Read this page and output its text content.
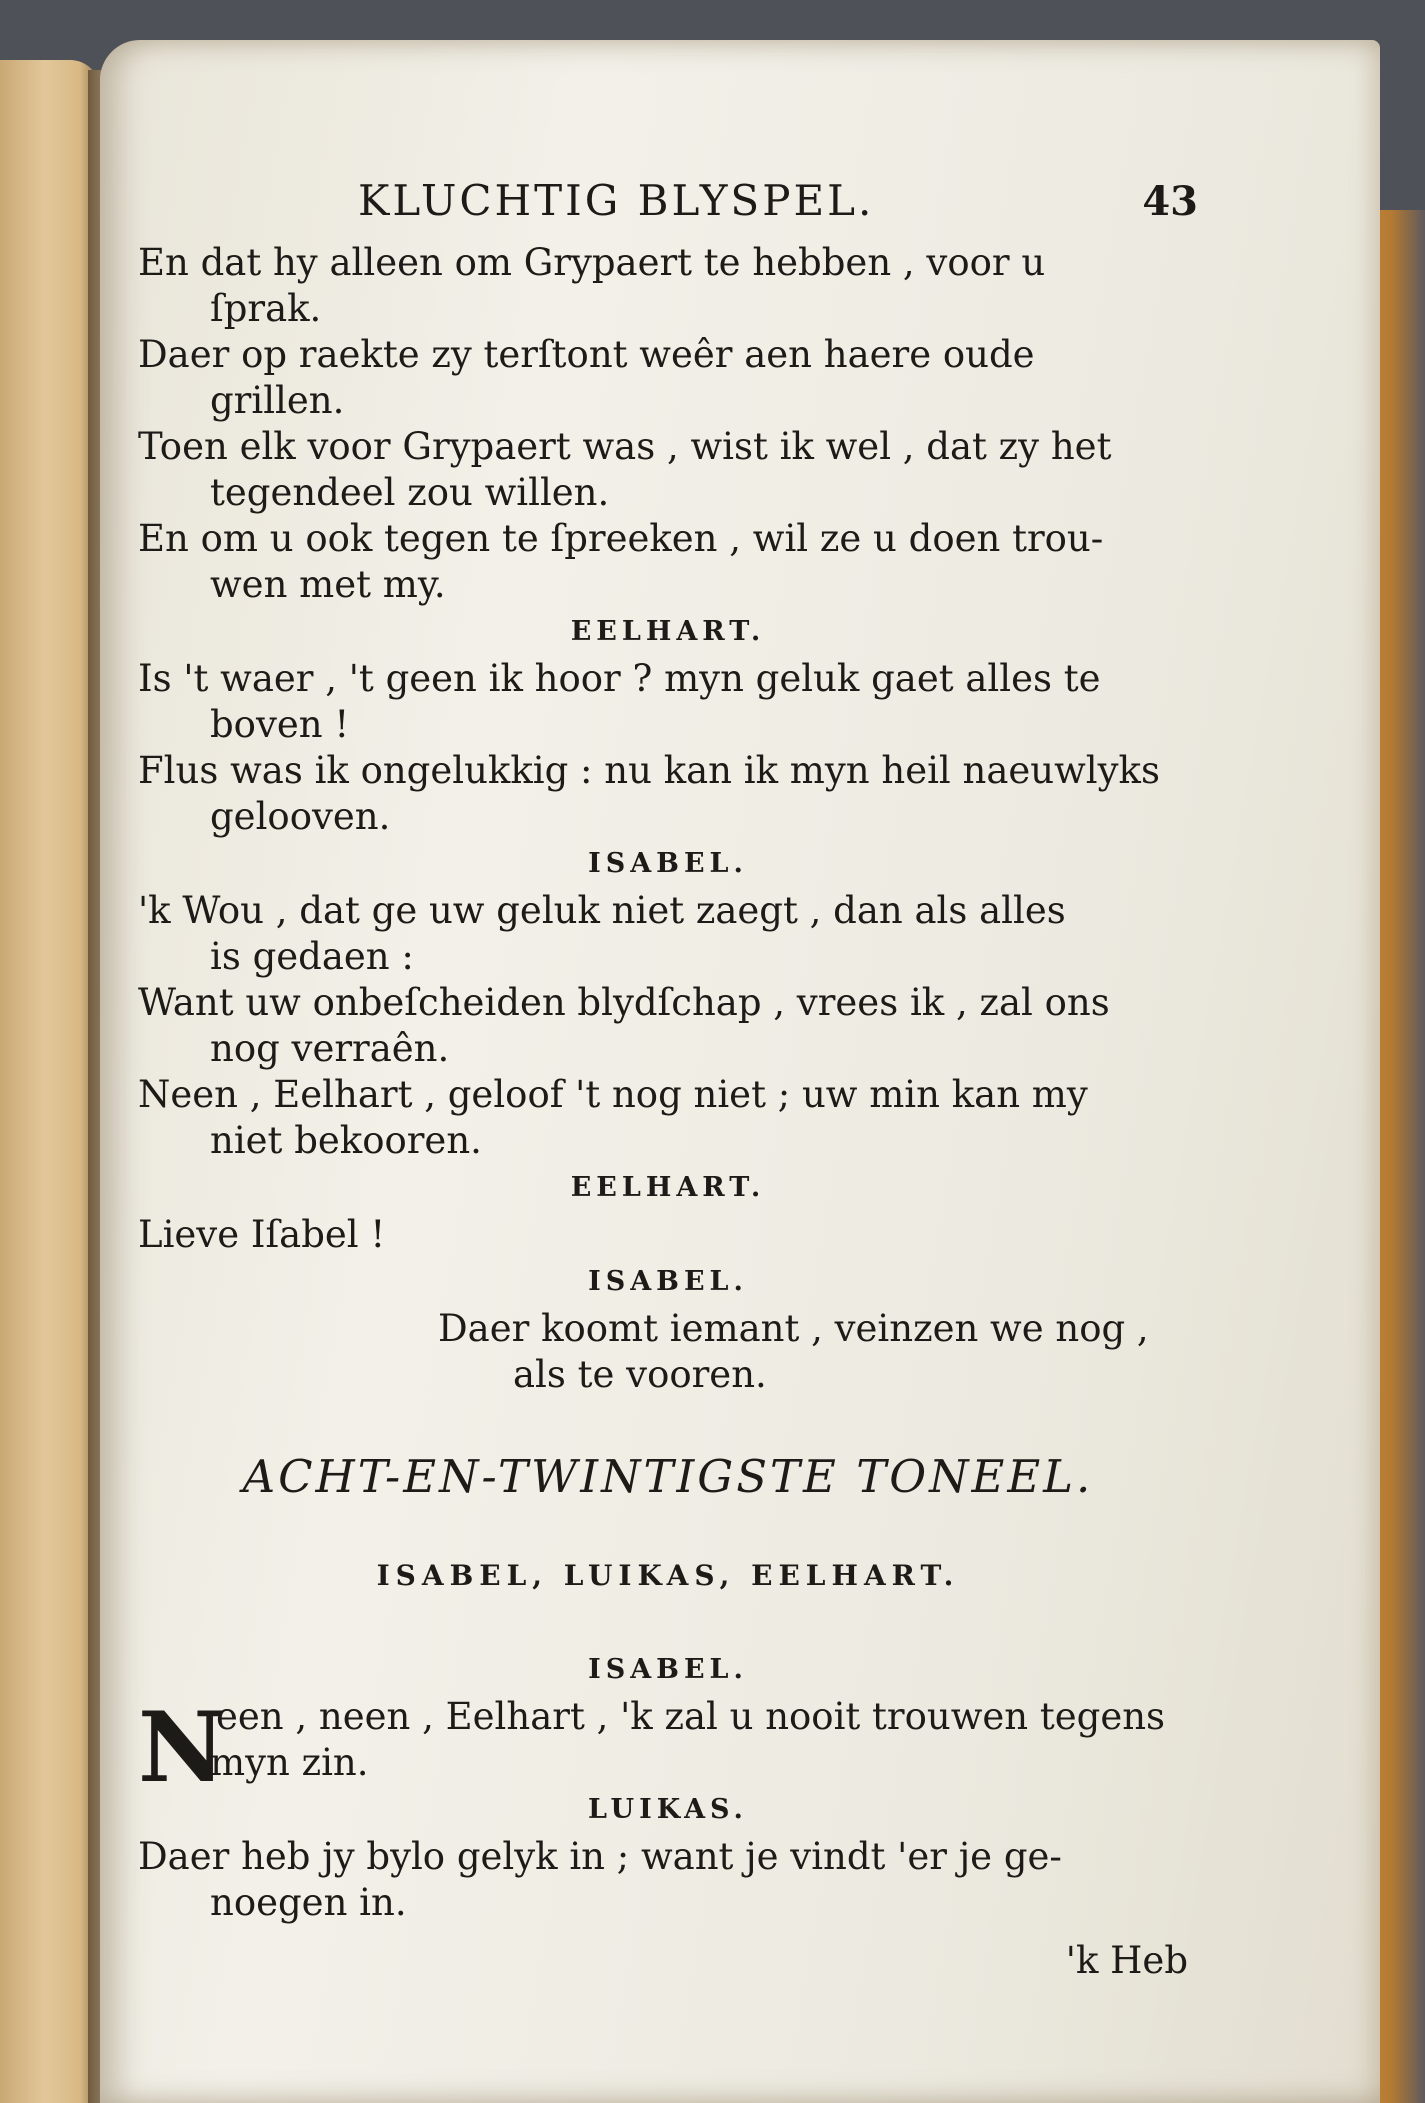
KLUCHTIG BLYSPEL.	43
En dat hy alleen om Grypaert te hebben , voor u
ſprak.
Daer op raekte zy terſtont weêr aen haere oude
grillen.
Toen elk voor Grypaert was , wist ik wel , dat zy het
tegendeel zou willen.
En om u ook tegen te ſpreeken , wil ze u doen trou-
wen met my.
EELHART.
Is 't waer , 't geen ik hoor ? myn geluk gaet alles te
boven !
Flus was ik ongelukkig : nu kan ik myn heil naeuwlyks
gelooven.
ISABEL.
'k Wou , dat ge uw geluk niet zaegt , dan als alles
is gedaen :
Want uw onbeſcheiden blydſchap , vrees ik , zal ons
nog verraên.
Neen , Eelhart , geloof 't nog niet ; uw min kan my
niet bekooren.
EELHART.
Lieve Iſabel !
ISABEL.
Daer koomt iemant , veinzen we nog ,
als te vooren.
ACHT-EN-TWINTIGSTE TONEEL.
ISABEL, LUIKAS, EELHART.
ISABEL.
N
een , neen , Eelhart , 'k zal u nooit trouwen tegens
myn zin.
LUIKAS.
Daer heb jy bylo gelyk in ; want je vindt 'er je ge-
noegen in.
'k Heb
